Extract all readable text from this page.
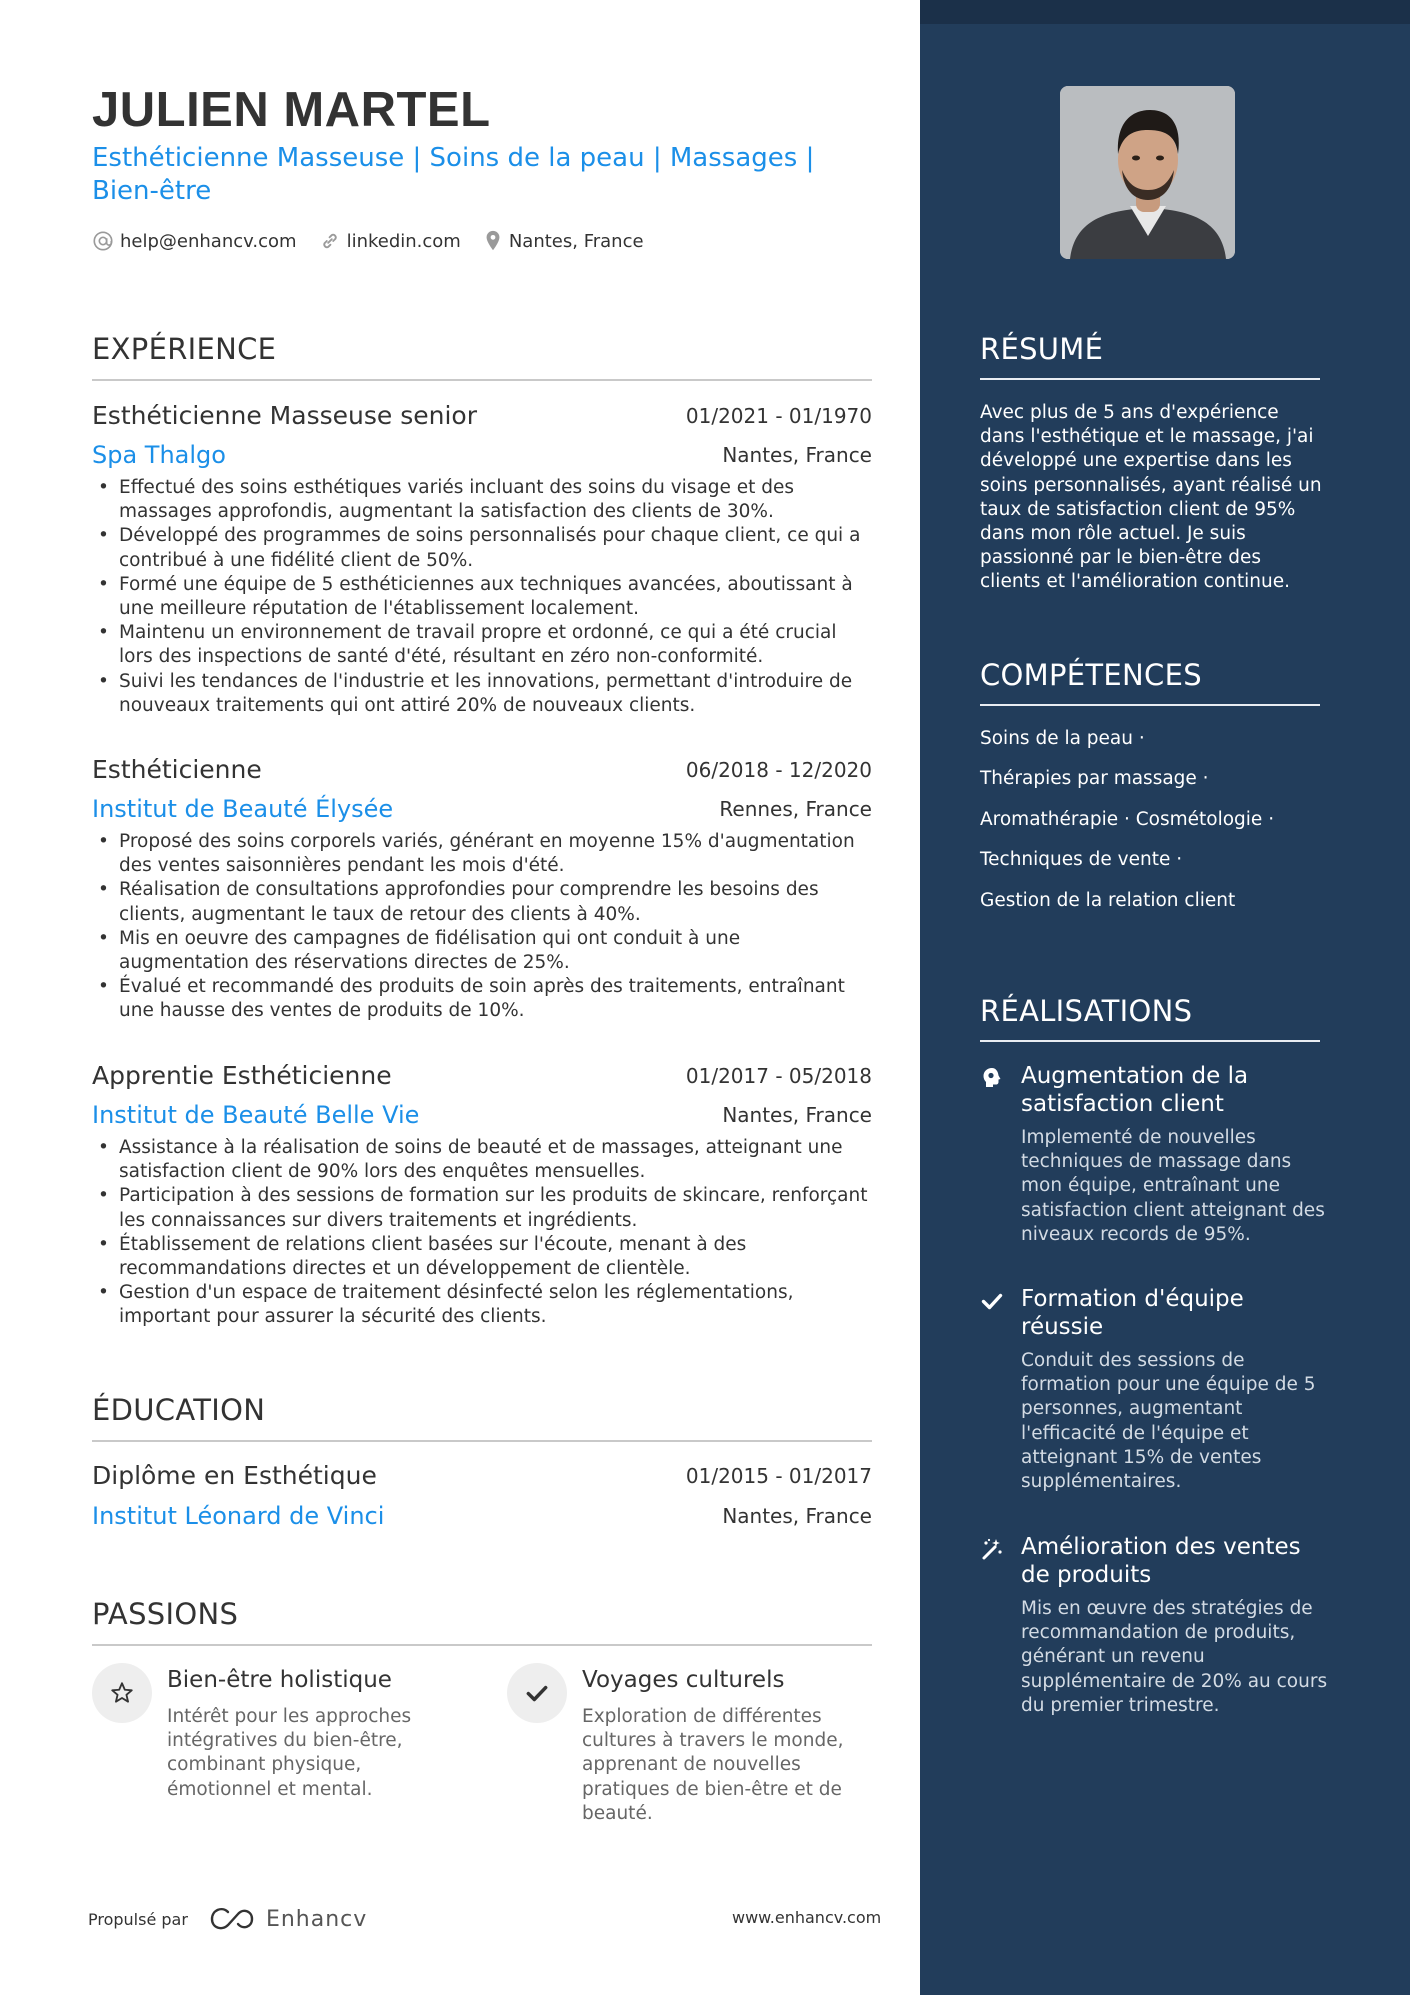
JULIEN MARTEL
Esthéticienne Masseuse | Soins de la peau | Massages | Bien-être
help@enhancv.com	linkedin.com	Nantes, France
EXPÉRIENCE
Esthéticienne Masseuse senior	01/2021 - 01/1970
Spa Thalgo	Nantes, France
• Effectué des soins esthétiques variés incluant des soins du visage et des massages approfondis, augmentant la satisfaction des clients de 30%.
• Développé des programmes de soins personnalisés pour chaque client, ce qui a contribué à une fidélité client de 50%.
• Formé une équipe de 5 esthéticiennes aux techniques avancées, aboutissant à une meilleure réputation de l'établissement localement.
• Maintenu un environnement de travail propre et ordonné, ce qui a été crucial lors des inspections de santé d'été, résultant en zéro non-conformité.
• Suivi les tendances de l'industrie et les innovations, permettant d'introduire de nouveaux traitements qui ont attiré 20% de nouveaux clients.
Esthéticienne	06/2018 - 12/2020
Institut de Beauté Élysée	Rennes, France
• Proposé des soins corporels variés, générant en moyenne 15% d'augmentation des ventes saisonnières pendant les mois d'été.
• Réalisation de consultations approfondies pour comprendre les besoins des clients, augmentant le taux de retour des clients à 40%.
• Mis en oeuvre des campagnes de fidélisation qui ont conduit à une augmentation des réservations directes de 25%.
• Évalué et recommandé des produits de soin après des traitements, entraînant une hausse des ventes de produits de 10%.
Apprentie Esthéticienne	01/2017 - 05/2018
Institut de Beauté Belle Vie	Nantes, France
• Assistance à la réalisation de soins de beauté et de massages, atteignant une satisfaction client de 90% lors des enquêtes mensuelles.
• Participation à des sessions de formation sur les produits de skincare, renforçant les connaissances sur divers traitements et ingrédients.
• Établissement de relations client basées sur l'écoute, menant à des recommandations directes et un développement de clientèle.
• Gestion d'un espace de traitement désinfecté selon les réglementations, important pour assurer la sécurité des clients.
ÉDUCATION
Diplôme en Esthétique	01/2015 - 01/2017
Institut Léonard de Vinci	Nantes, France
PASSIONS
Bien-être holistique
Intérêt pour les approches intégratives du bien-être, combinant physique, émotionnel et mental.
Voyages culturels
Exploration de différentes cultures à travers le monde, apprenant de nouvelles pratiques de bien-être et de beauté.
Propulsé par	Enhancv	www.enhancv.com
RÉSUMÉ
Avec plus de 5 ans d'expérience dans l'esthétique et le massage, j'ai développé une expertise dans les soins personnalisés, ayant réalisé un taux de satisfaction client de 95% dans mon rôle actuel. Je suis passionné par le bien-être des clients et l'amélioration continue.
COMPÉTENCES
Soins de la peau ·
Thérapies par massage ·
Aromathérapie · Cosmétologie ·
Techniques de vente ·
Gestion de la relation client
RÉALISATIONS
Augmentation de la satisfaction client
Implementé de nouvelles techniques de massage dans mon équipe, entraînant une satisfaction client atteignant des niveaux records de 95%.
Formation d'équipe réussie
Conduit des sessions de formation pour une équipe de 5 personnes, augmentant l'efficacité de l'équipe et atteignant 15% de ventes supplémentaires.
Amélioration des ventes de produits
Mis en œuvre des stratégies de recommandation de produits, générant un revenu supplémentaire de 20% au cours du premier trimestre.
